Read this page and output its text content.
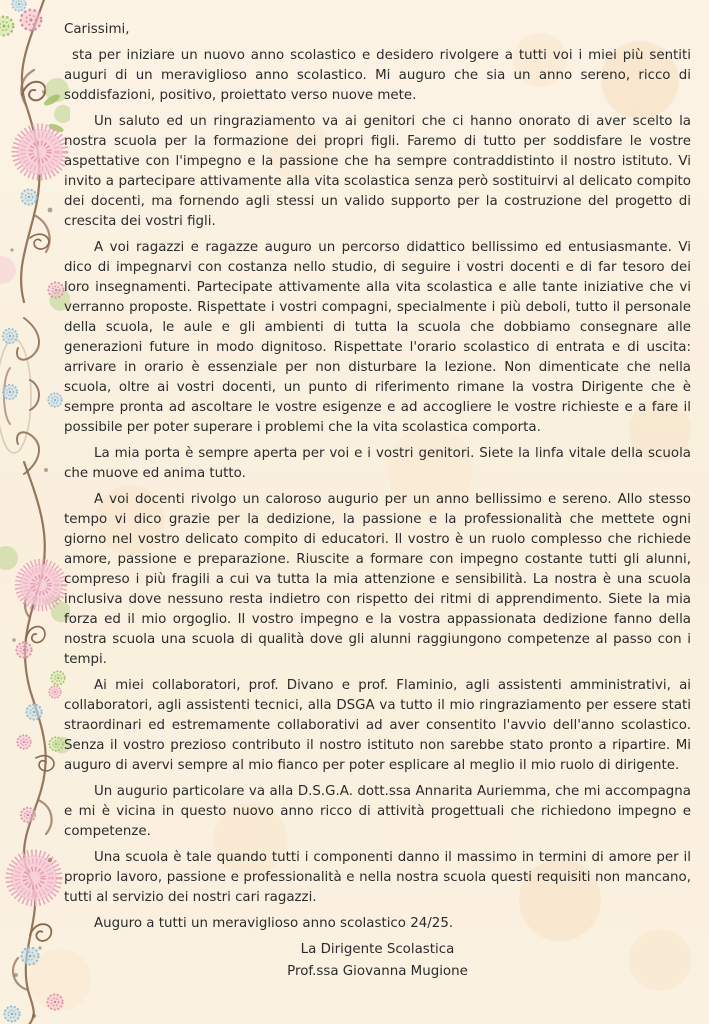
Carissimi,

sta per iniziare un nuovo anno scolastico e desidero rivolgere a tutti voi i miei più sentiti auguri di un meraviglioso anno scolastico. Mi auguro che sia un anno sereno, ricco di soddisfazioni, positivo, proiettato verso nuove mete.

Un saluto ed un ringraziamento va ai genitori che ci hanno onorato di aver scelto la nostra scuola per la formazione dei propri figli. Faremo di tutto per soddisfare le vostre aspettative con l'impegno e la passione che ha sempre contraddistinto il nostro istituto. Vi invito a partecipare attivamente alla vita scolastica senza però sostituirvi al delicato compito dei docenti, ma fornendo agli stessi un valido supporto per la costruzione del progetto di crescita dei vostri figli.

A voi ragazzi e ragazze auguro un percorso didattico bellissimo ed entusiasmante. Vi dico di impegnarvi con costanza nello studio, di seguire i vostri docenti e di far tesoro dei loro insegnamenti. Partecipate attivamente alla vita scolastica e alle tante iniziative che vi verranno proposte. Rispettate i vostri compagni, specialmente i più deboli, tutto il personale della scuola, le aule e gli ambienti di tutta la scuola che dobbiamo consegnare alle generazioni future in modo dignitoso. Rispettate l'orario scolastico di entrata e di uscita: arrivare in orario è essenziale per non disturbare la lezione. Non dimenticate che nella scuola, oltre ai vostri docenti, un punto di riferimento rimane la vostra Dirigente che è sempre pronta ad ascoltare le vostre esigenze e ad accogliere le vostre richieste e a fare il possibile per poter superare i problemi che la vita scolastica comporta.

La mia porta è sempre aperta per voi e i vostri genitori. Siete la linfa vitale della scuola che muove ed anima tutto.

A voi docenti rivolgo un caloroso augurio per un anno bellissimo e sereno. Allo stesso tempo vi dico grazie per la dedizione, la passione e la professionalità che mettete ogni giorno nel vostro delicato compito di educatori. Il vostro è un ruolo complesso che richiede amore, passione e preparazione. Riuscite a formare con impegno costante tutti gli alunni, compreso i più fragili a cui va tutta la mia attenzione e sensibilità. La nostra è una scuola inclusiva dove nessuno resta indietro con rispetto dei ritmi di apprendimento. Siete la mia forza ed il mio orgoglio. Il vostro impegno e la vostra appassionata dedizione fanno della nostra scuola una scuola di qualità dove gli alunni raggiungono competenze al passo con i tempi.

Ai miei collaboratori, prof. Divano e prof. Flaminio, agli assistenti amministrativi, ai collaboratori, agli assistenti tecnici, alla DSGA va tutto il mio ringraziamento per essere stati straordinari ed estremamente collaborativi ad aver consentito l'avvio dell'anno scolastico. Senza il vostro prezioso contributo il nostro istituto non sarebbe stato pronto a ripartire. Mi auguro di avervi sempre al mio fianco per poter esplicare al meglio il mio ruolo di dirigente.

Un augurio particolare va alla D.S.G.A. dott.ssa Annarita Auriemma, che mi accompagna e mi è vicina in questo nuovo anno ricco di attività progettuali che richiedono impegno e competenze.

Una scuola è tale quando tutti i componenti danno il massimo in termini di amore per il proprio lavoro, passione e professionalità e nella nostra scuola questi requisiti non mancano, tutti al servizio dei nostri cari ragazzi.

Auguro a tutti un meraviglioso anno scolastico 24/25.

La Dirigente Scolastica

Prof.ssa Giovanna Mugione
